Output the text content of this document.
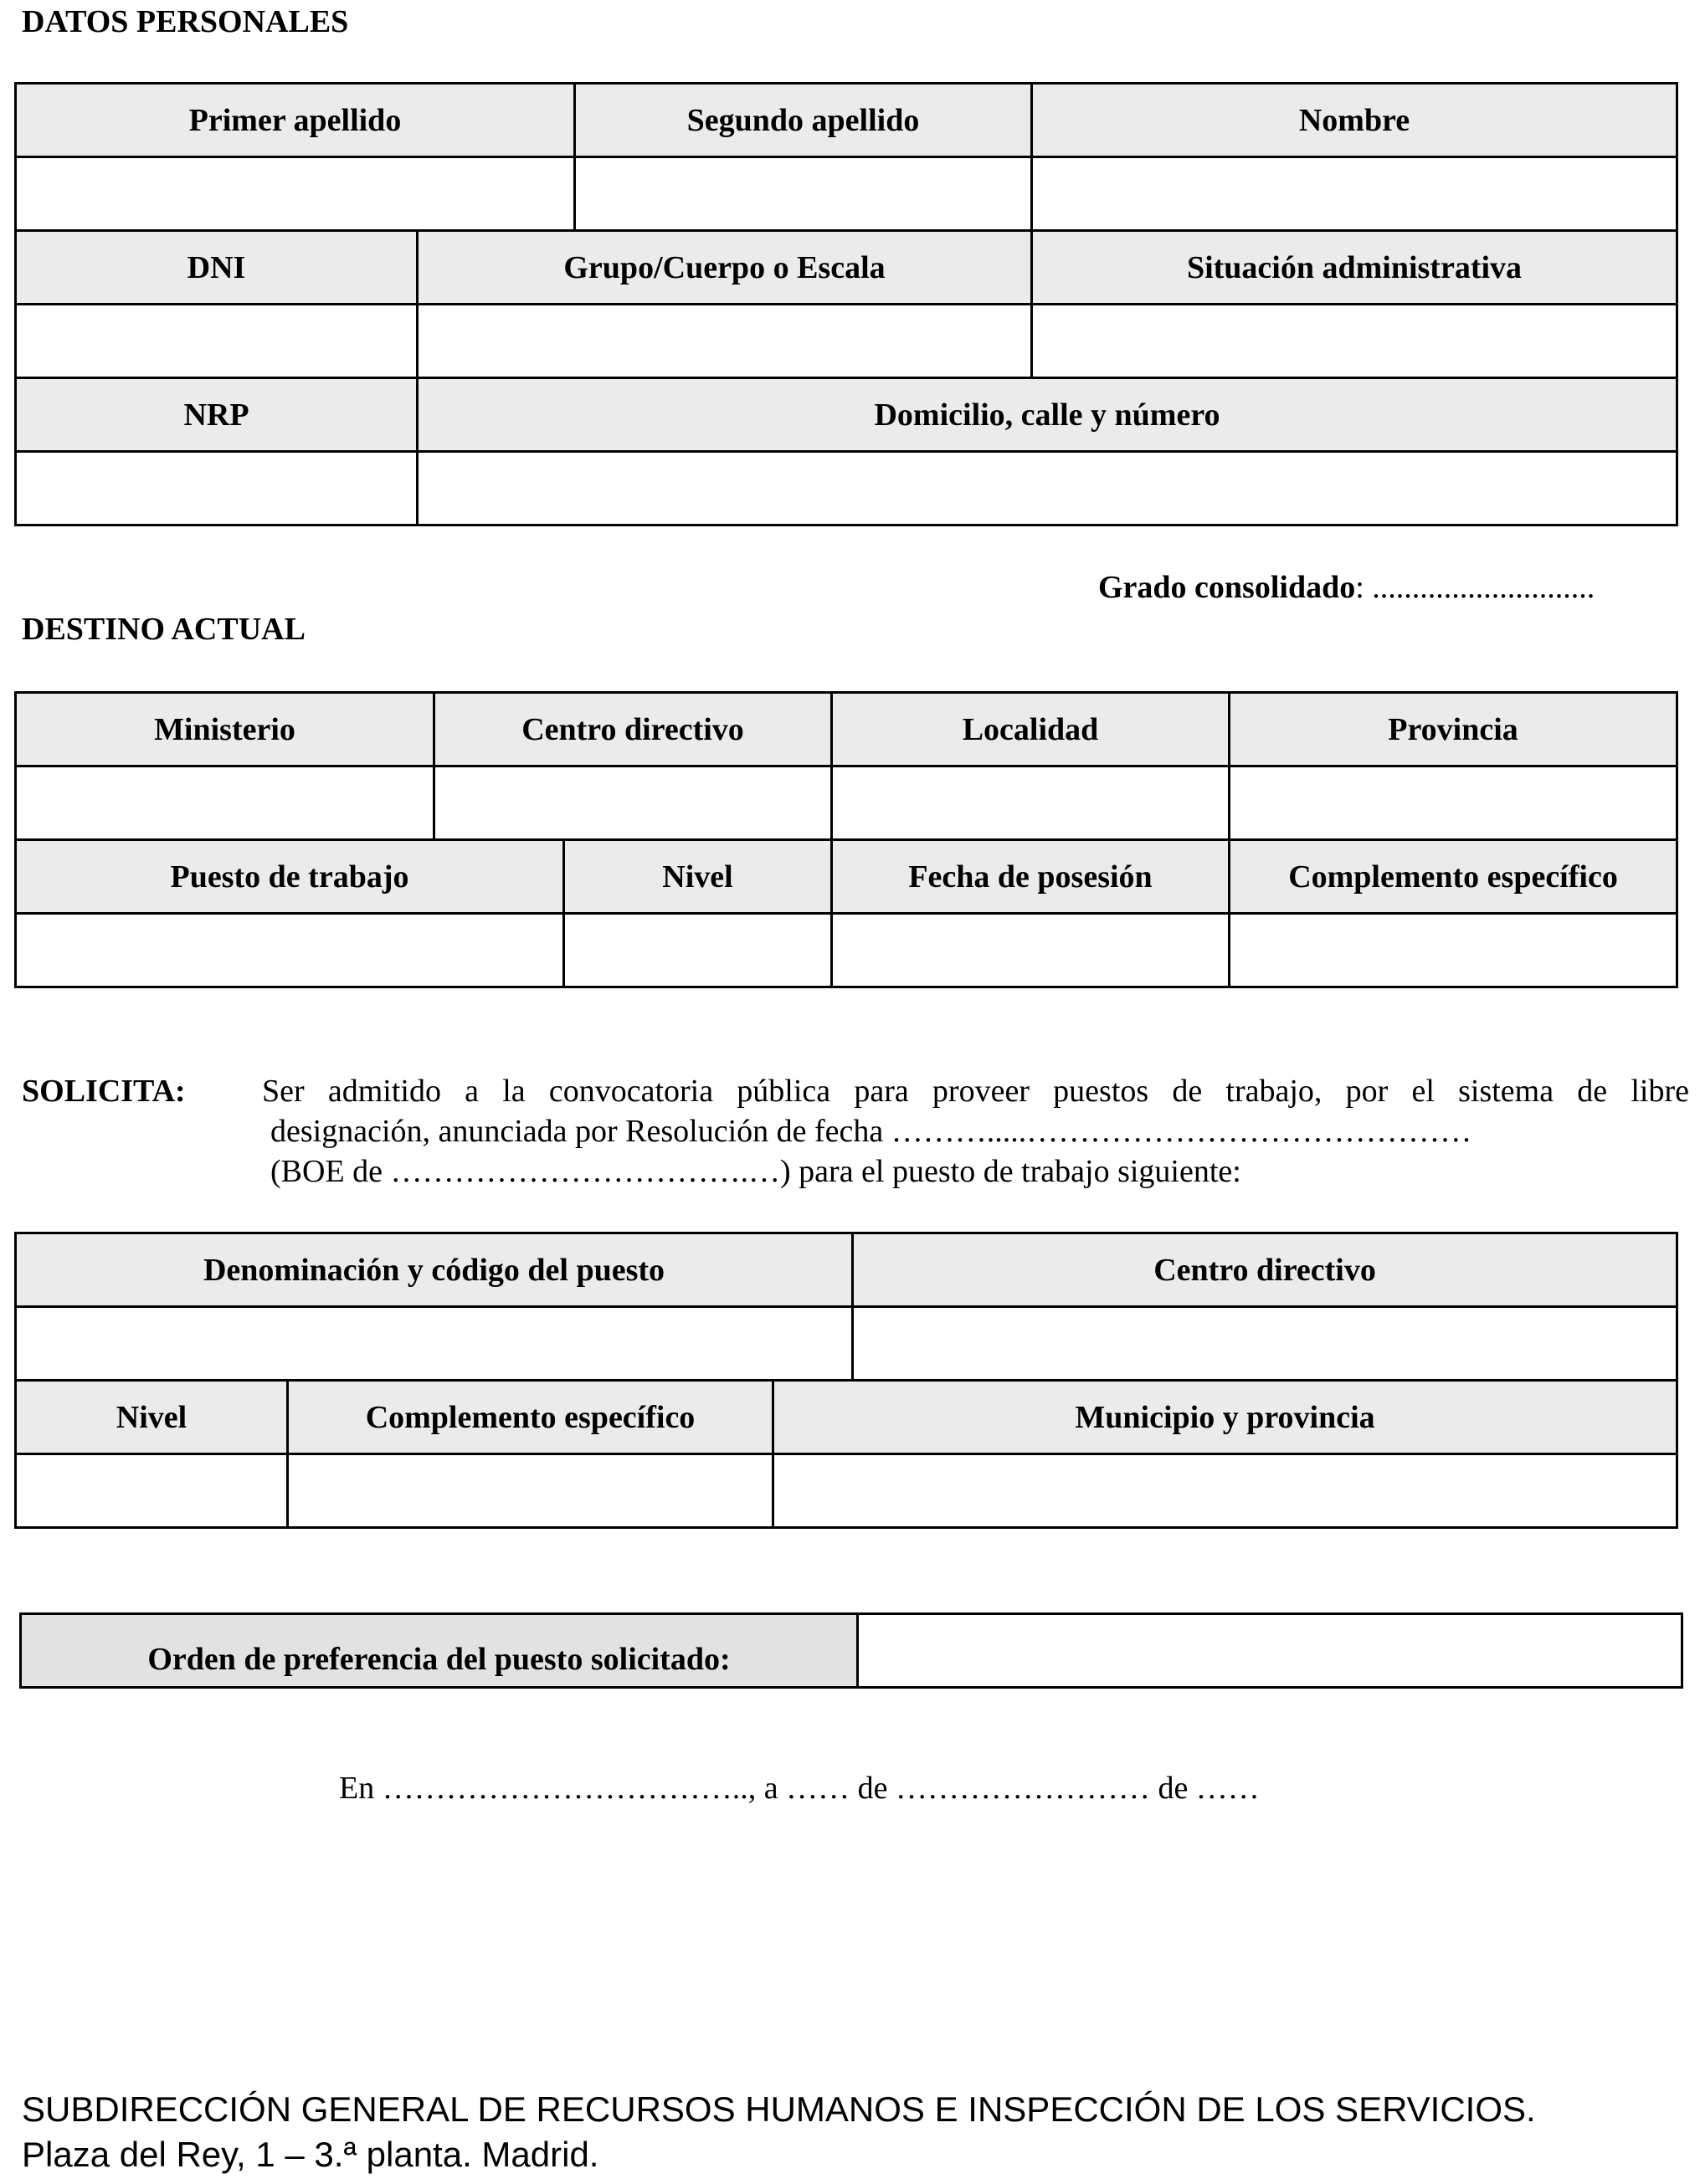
DATOS PERSONALES
Primer apellido		Segundo apellido	Nombre

DNI	Grupo/Cuerpo o Escala		Situación administrativa

NRP	Domicilio, calle y número		

Grado consolidado: ............................
DESTINO ACTUAL
Ministerio	Centro directivo		Localidad	Provincia

Puesto de trabajo		Nivel	Fecha de posesión	Complemento específico

SOLICITA: Ser admitido a la convocatoria pública para proveer puestos de trabajo, por el sistema de libre
designación, anunciada por Resolución de fecha ……….....……………………………………
(BOE de …………………………….…) para el puesto de trabajo siguiente:
Denominación y código del puesto			Centro directivo

Nivel	Complemento específico	Municipio y provincia	

Orden de preferencia del puesto solicitado:	
En …………………………….., a …… de …………………… de ……
SUBDIRECCIÓN GENERAL DE RECURSOS HUMANOS E INSPECCIÓN DE LOS SERVICIOS.
Plaza del Rey, 1 – 3.ª planta. Madrid.
